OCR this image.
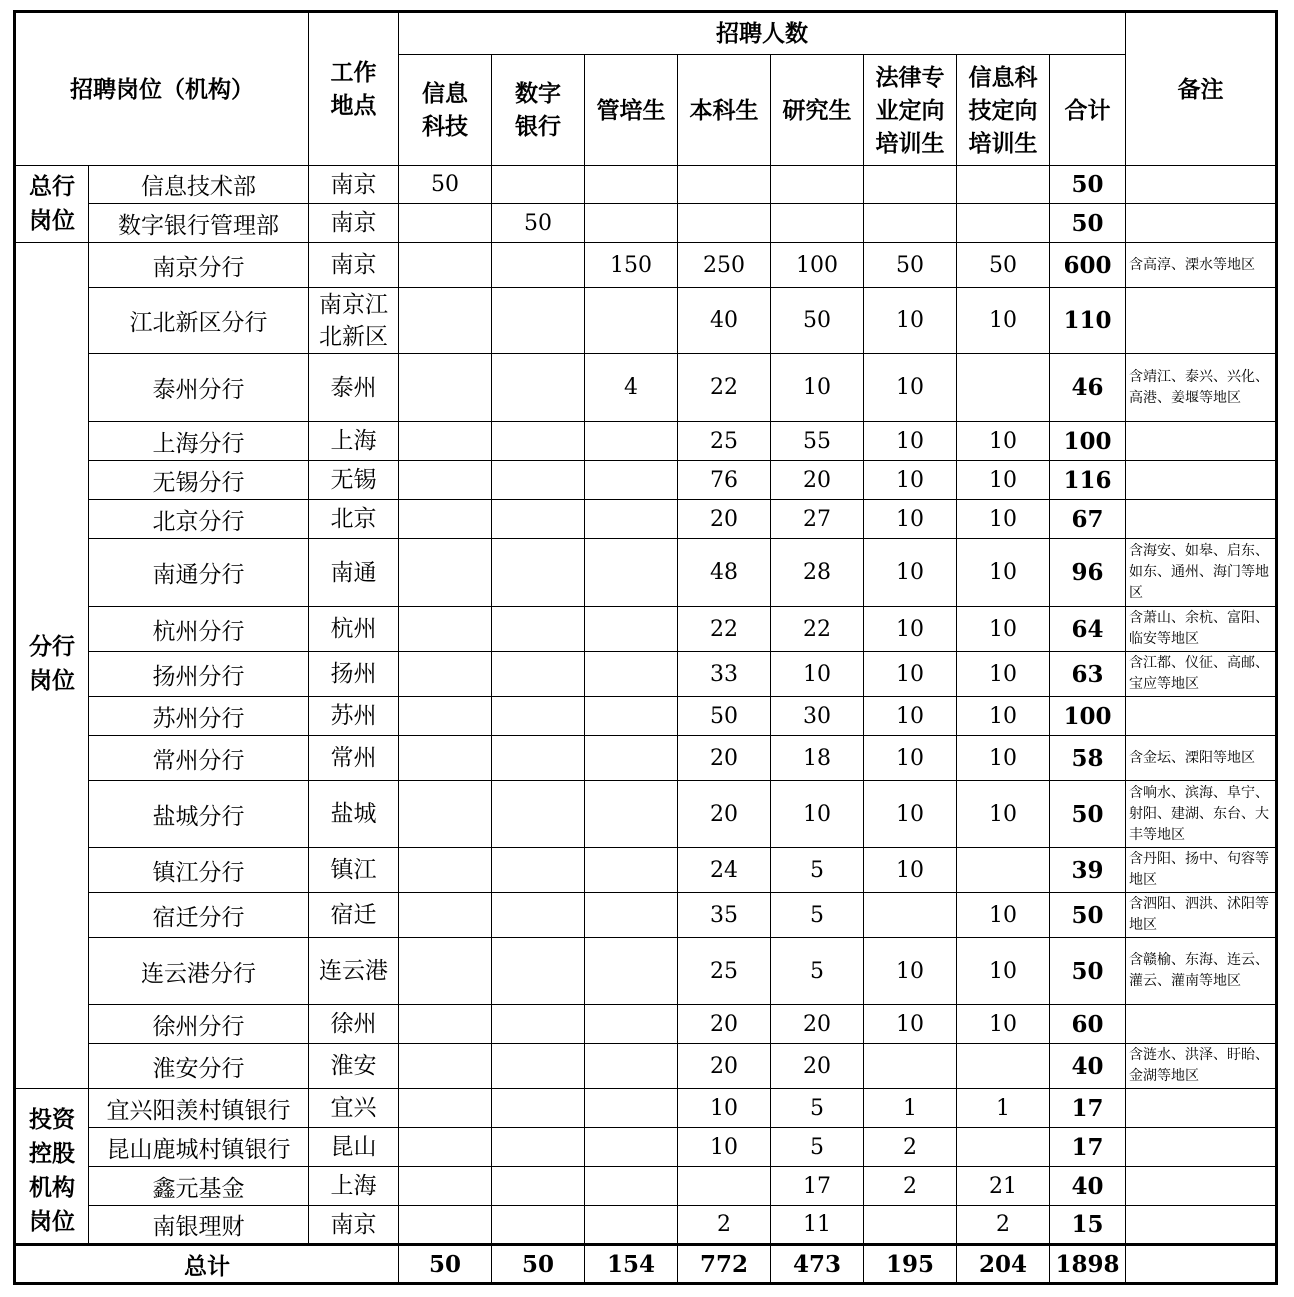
招聘岗位（机构）		工作地点	招聘人数								备注
			信息科技	数字银行	管培生	本科生	研究生	法律专业定向培训生	信息科技定向培训生	合计	
总行岗位	信息技术部	南京	50							50	
	数字银行管理部	南京		50						50	
分行岗位	南京分行	南京			150	250	100	50	50	600	含高淳、溧水等地区
	江北新区分行	南京江北新区				40	50	10	10	110	
	泰州分行	泰州			4	22	10	10		46	含靖江、泰兴、兴化、高港、姜堰等地区
	上海分行	上海				25	55	10	10	100	
	无锡分行	无锡				76	20	10	10	116	
	北京分行	北京				20	27	10	10	67	
	南通分行	南通				48	28	10	10	96	含海安、如皋、启东、如东、通州、海门等地区
	杭州分行	杭州				22	22	10	10	64	含萧山、余杭、富阳、临安等地区
	扬州分行	扬州				33	10	10	10	63	含江都、仪征、高邮、宝应等地区
	苏州分行	苏州				50	30	10	10	100	
	常州分行	常州				20	18	10	10	58	含金坛、溧阳等地区
	盐城分行	盐城				20	10	10	10	50	含响水、滨海、阜宁、射阳、建湖、东台、大丰等地区
	镇江分行	镇江				24	5	10		39	含丹阳、扬中、句容等地区
	宿迁分行	宿迁				35	5		10	50	含泗阳、泗洪、沭阳等地区
	连云港分行	连云港				25	5	10	10	50	含赣榆、东海、连云、灌云、灌南等地区
	徐州分行	徐州				20	20	10	10	60	
	淮安分行	淮安				20	20			40	含涟水、洪泽、盱眙、金湖等地区
投资控股机构岗位	宜兴阳羡村镇银行	宜兴				10	5	1	1	17	
	昆山鹿城村镇银行	昆山				10	5	2		17	
	鑫元基金	上海					17	2	21	40	
	南银理财	南京				2	11		2	15	
总计			50	50	154	772	473	195	204	1898	
